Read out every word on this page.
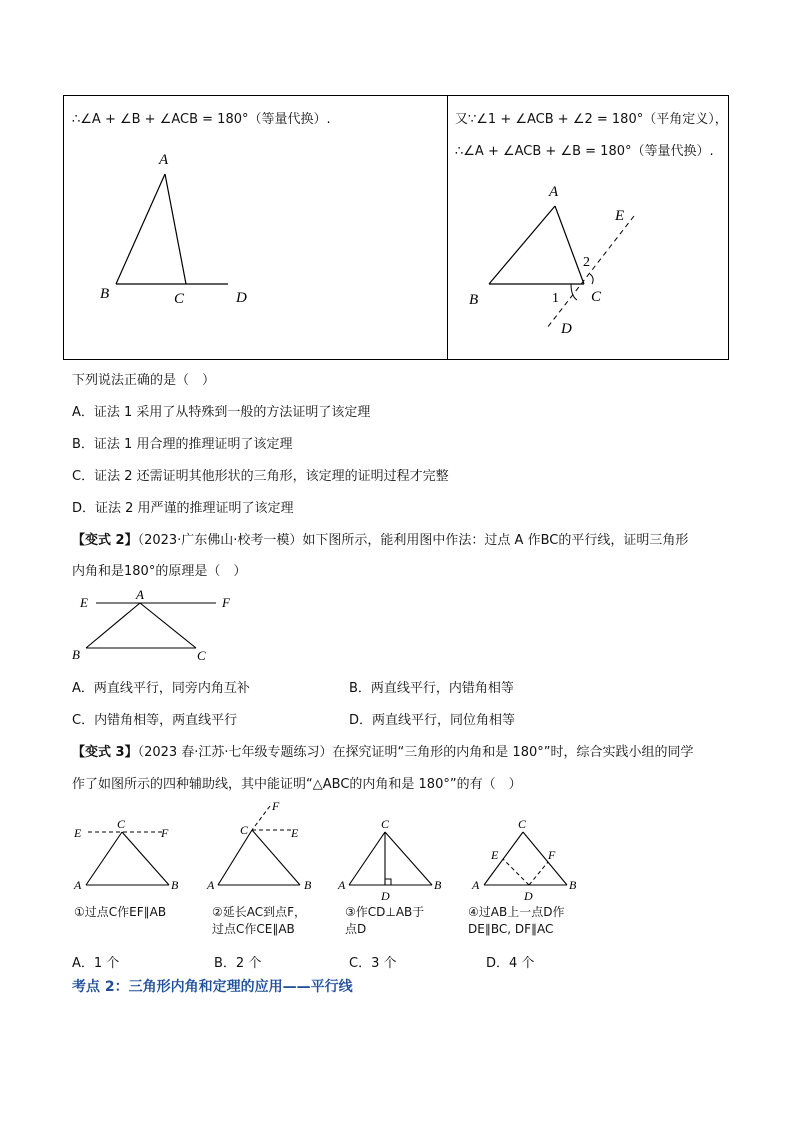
∴∠A + ∠B + ∠ACB = 180°（等量代换）.
A
B	C	D
又∵∠1 + ∠ACB + ∠2 = 180°（平角定义），
∴∠A + ∠ACB + ∠B = 180°（等量代换）.
A
B	C
D
E
1
2
下列说法正确的是（　）
A．证法 1 采用了从特殊到一般的方法证明了该定理
B．证法 1 用合理的推理证明了该定理
C．证法 2 还需证明其他形状的三角形，该定理的证明过程才完整
D．证法 2 用严谨的推理证明了该定理
【变式 2】（2023·广东佛山·校考一模）如下图所示，能利用图中作法：过点 A 作BC的平行线，证明三角形
内角和是180°的原理是（　）
E
A
F
B	C
A．两直线平行，同旁内角互补	B．两直线平行，内错角相等
C．内错角相等，两直线平行	D．两直线平行，同位角相等
【变式 3】（2023 春·江苏·七年级专题练习）在探究证明“三角形的内角和是 180°”时，综合实践小组的同学
作了如图所示的四种辅助线，其中能证明“△ABC的内角和是 180°”的有（　）
E
C
F
A	B
①过点C作EF∥AB
F
C	E
A	B
②延长AC到点F，
过点C作CE∥AB
C
A
D
B
③作CD⊥AB于
点D
C
E	F
A
D
B
④过AB上一点D作
DE∥BC, DF∥AC
A．1 个	B．2 个	C．3 个	D．4 个
考点 2：三角形内角和定理的应用——平行线
